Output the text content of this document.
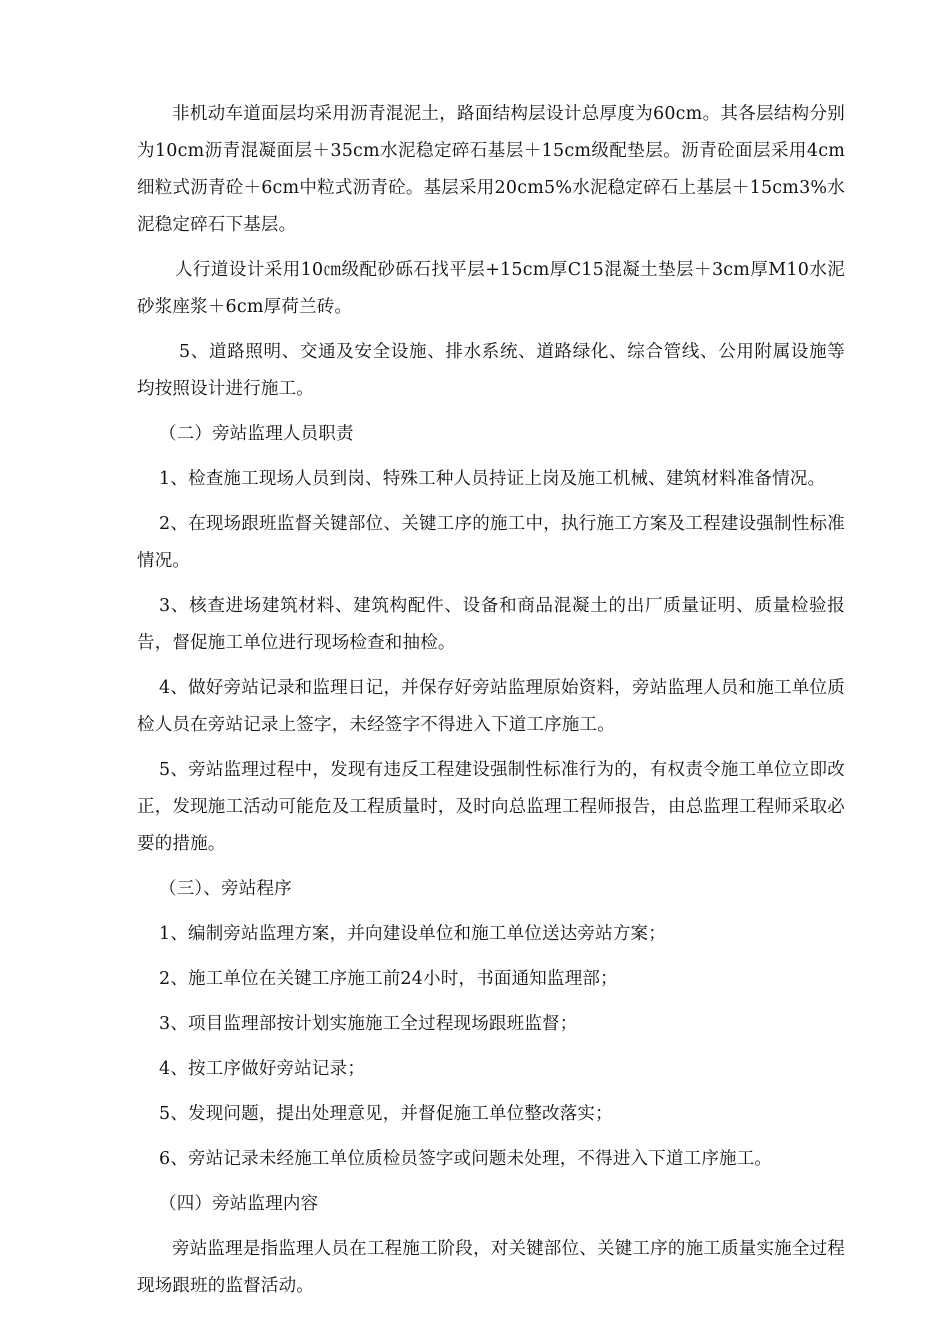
非机动车道面层均采用沥青混泥土，路面结构层设计总厚度为60cm。其各层结构分别为10cm沥青混凝面层＋35cm水泥稳定碎石基层＋15cm级配垫层。沥青砼面层采用4cm细粒式沥青砼＋6cm中粒式沥青砼。基层采用20cm5%水泥稳定碎石上基层＋15cm3%水泥稳定碎石下基层。

人行道设计采用10㎝级配砂砾石找平层+15cm厚C15混凝土垫层＋3cm厚M10水泥砂浆座浆＋6cm厚荷兰砖。

5、道路照明、交通及安全设施、排水系统、道路绿化、综合管线、公用附属设施等均按照设计进行施工。

（二）旁站监理人员职责

1、检查施工现场人员到岗、特殊工种人员持证上岗及施工机械、建筑材料准备情况。

2、在现场跟班监督关键部位、关键工序的施工中，执行施工方案及工程建设强制性标准情况。

3、核查进场建筑材料、建筑构配件、设备和商品混凝土的出厂质量证明、质量检验报告，督促施工单位进行现场检查和抽检。

4、做好旁站记录和监理日记，并保存好旁站监理原始资料，旁站监理人员和施工单位质检人员在旁站记录上签字，未经签字不得进入下道工序施工。

5、旁站监理过程中，发现有违反工程建设强制性标准行为的，有权责令施工单位立即改正，发现施工活动可能危及工程质量时，及时向总监理工程师报告，由总监理工程师采取必要的措施。

（三）、旁站程序

1、编制旁站监理方案，并向建设单位和施工单位送达旁站方案；

2、施工单位在关键工序施工前24小时，书面通知监理部；

3、项目监理部按计划实施施工全过程现场跟班监督；

4、按工序做好旁站记录；

5、发现问题，提出处理意见，并督促施工单位整改落实；

6、旁站记录未经施工单位质检员签字或问题未处理，不得进入下道工序施工。

（四）旁站监理内容

旁站监理是指监理人员在工程施工阶段，对关键部位、关键工序的施工质量实施全过程现场跟班的监督活动。
